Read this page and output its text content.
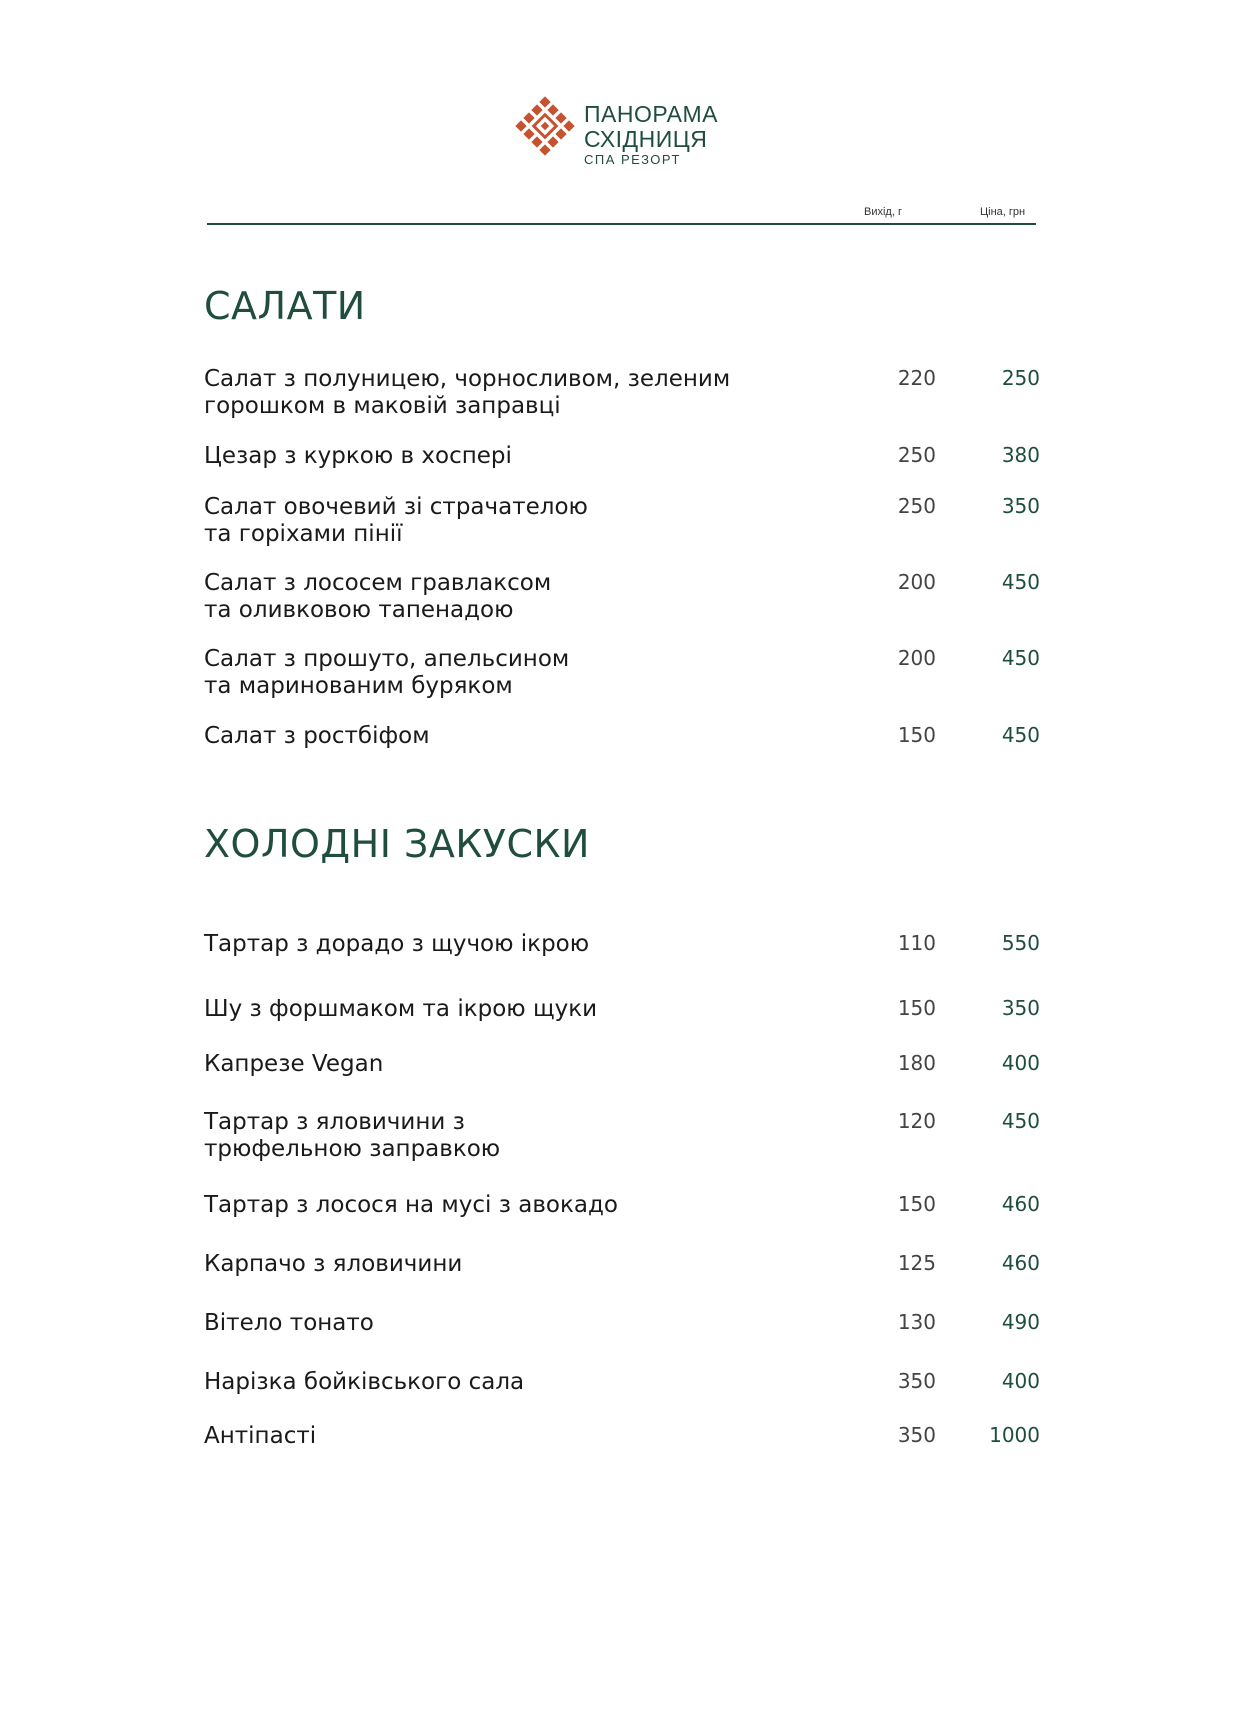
ПАНОРАМА
СХІДНИЦЯ
СПА РЕЗОРТ
Вихід, г	Ціна, грн
САЛАТИ
Салат з полуницею, чорносливом, зеленим
горошком в маковій заправці
220	250
Цезар з куркою в хоспері	250	380
Салат овочевий зі страчателою
та горіхами пінії
250	350
Салат з лососем гравлаксом
та оливковою тапенадою
200	450
Салат з прошуто, апельсином
та маринованим буряком
200	450
Салат з ростбіфом	150	450
ХОЛОДНІ ЗАКУСКИ
Тартар з дорадо з щучою ікрою	110	550
Шу з форшмаком та ікрою щуки	150	350
Капрезе Vegan	180	400
Тартар з яловичини з
трюфельною заправкою
120	450
Тартар з лосося на мусі з авокадо	150	460
Карпачо з яловичини	125	460
Вітело тонато	130	490
Нарізка бойківського сала	350	400
Антіпасті	350	1000
